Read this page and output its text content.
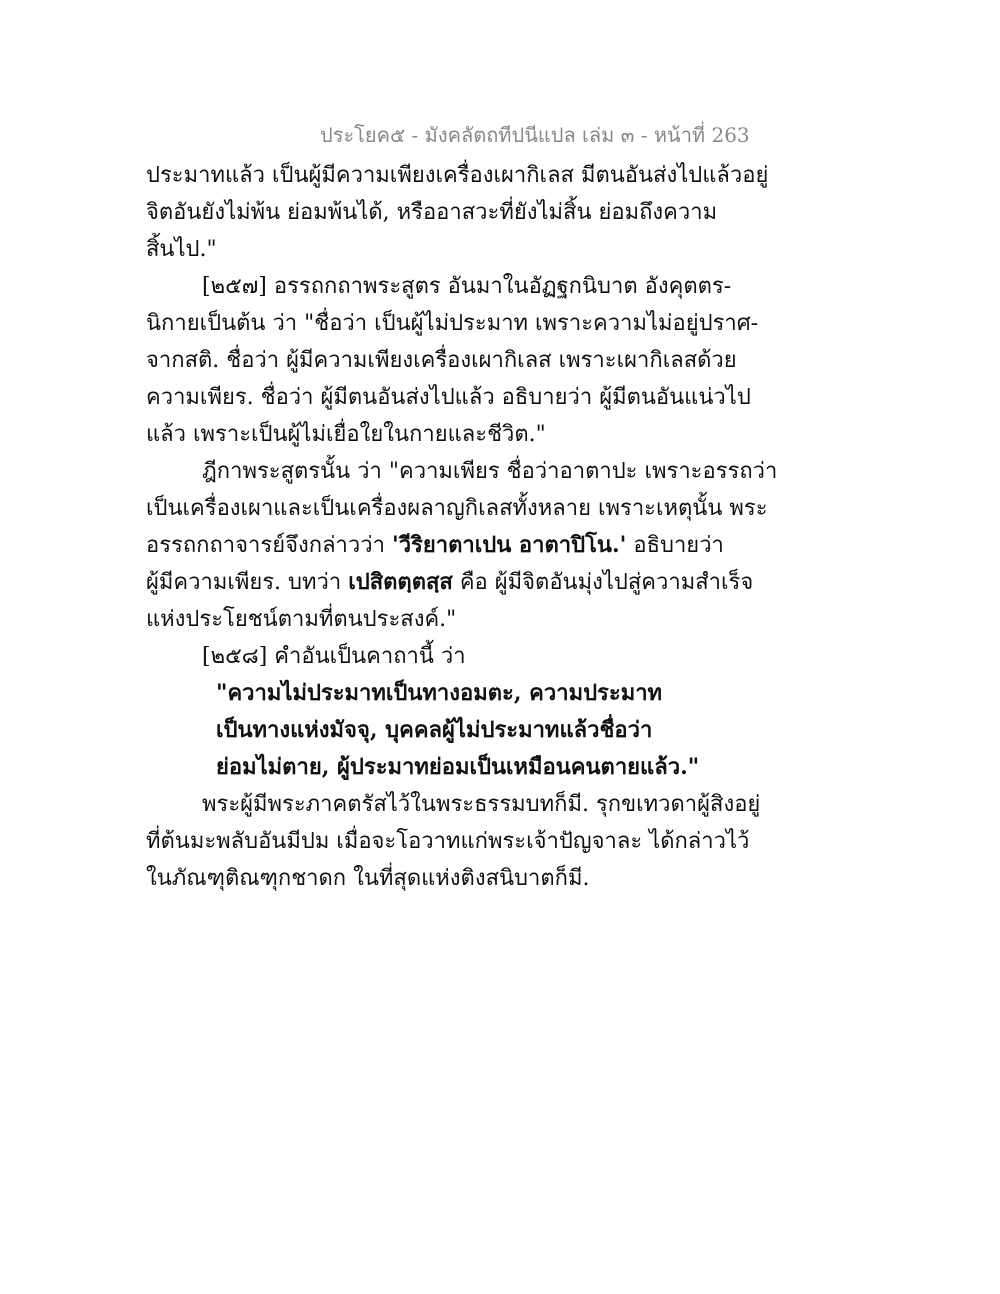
ประโยค๕ - มังคลัตถทีปนีแปล เล่ม ๓ - หน้าที่ 263
ประมาทแล้ว เป็นผู้มีความเพียงเครื่องเผากิเลส มีตนอันส่งไปแล้วอยู่
จิตอันยังไม่พ้น ย่อมพ้นได้, หรืออาสวะที่ยังไม่สิ้น ย่อมถึงความ
สิ้นไป."
[๒๕๗] อรรถกถาพระสูตร อันมาในอัฏฐกนิบาต อังคุตตร-
นิกายเป็นต้น ว่า "ชื่อว่า เป็นผู้ไม่ประมาท เพราะความไม่อยู่ปราศ-
จากสติ. ชื่อว่า ผู้มีความเพียงเครื่องเผากิเลส เพราะเผากิเลสด้วย
ความเพียร. ชื่อว่า ผู้มีตนอันส่งไปแล้ว อธิบายว่า ผู้มีตนอันแน่วไป
แล้ว เพราะเป็นผู้ไม่เยื่อใยในกายและชีวิต."
ฎีกาพระสูตรนั้น ว่า "ความเพียร ชื่อว่าอาตาปะ เพราะอรรถว่า
เป็นเครื่องเผาและเป็นเครื่องผลาญกิเลสทั้งหลาย เพราะเหตุนั้น พระ
อรรถกถาจารย์จึงกล่าวว่า 'วีริยาตาเปน อาตาปิโน.' อธิบายว่า
ผู้มีความเพียร. บทว่า เปสิตตฺตสฺส คือ ผู้มีจิตอันมุ่งไปสู่ความสำเร็จ
แห่งประโยชน์ตามที่ตนประสงค์."
[๒๕๘] คำอันเป็นคาถานี้ ว่า
"ความไม่ประมาทเป็นทางอมตะ, ความประมาท
เป็นทางแห่งมัจจุ, บุคคลผู้ไม่ประมาทแล้วชื่อว่า
ย่อมไม่ตาย, ผู้ประมาทย่อมเป็นเหมือนคนตายแล้ว."
พระผู้มีพระภาคตรัสไว้ในพระธรรมบทก็มี. รุกขเทวดาผู้สิงอยู่
ที่ต้นมะพลับอันมีปม เมื่อจะโอวาทแก่พระเจ้าปัญจาละ ได้กล่าวไว้
ในภัณฑุติณฑุกชาดก ในที่สุดแห่งติงสนิบาตก็มี.
